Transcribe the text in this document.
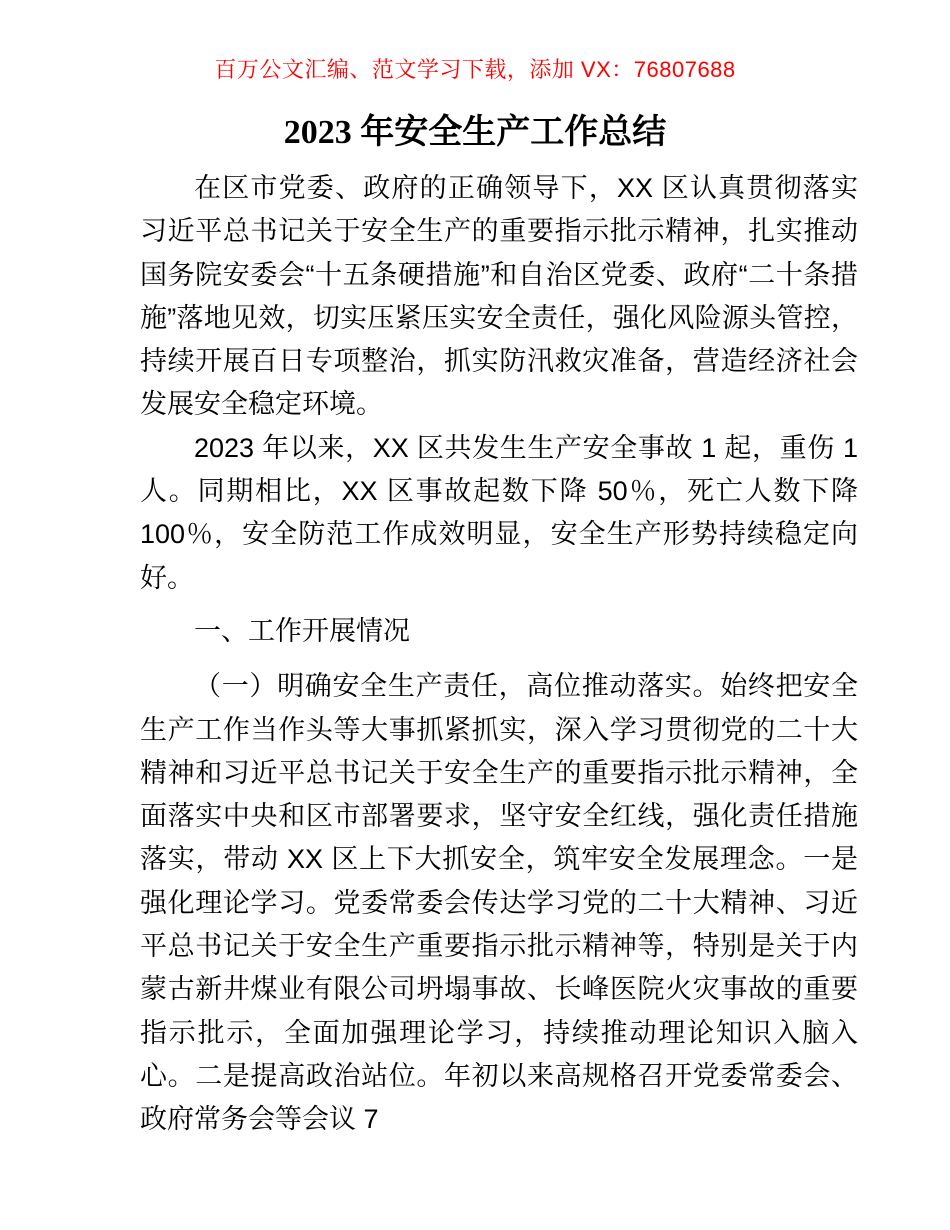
百万公文汇编、范文学习下载，添加 VX：76807688
2023 年安全生产工作总结

在区市党委、政府的正确领导下，XX 区认真贯彻落实习近平总书记关于安全生产的重要指示批示精神，扎实推动国务院安委会“十五条硬措施”和自治区党委、政府“二十条措施”落地见效，切实压紧压实安全责任，强化风险源头管控，持续开展百日专项整治，抓实防汛救灾准备，营造经济社会发展安全稳定环境。

2023 年以来，XX 区共发生生产安全事故 1 起，重伤 1 人。同期相比，XX 区事故起数下降 50％，死亡人数下降 100％，安全防范工作成效明显，安全生产形势持续稳定向好。

一、工作开展情况

（一）明确安全生产责任，高位推动落实。始终把安全生产工作当作头等大事抓紧抓实，深入学习贯彻党的二十大精神和习近平总书记关于安全生产的重要指示批示精神，全面落实中央和区市部署要求，坚守安全红线，强化责任措施落实，带动 XX 区上下大抓安全，筑牢安全发展理念。一是强化理论学习。党委常委会传达学习党的二十大精神、习近平总书记关于安全生产重要指示批示精神等，特别是关于内蒙古新井煤业有限公司坍塌事故、长峰医院火灾事故的重要指示批示，全面加强理论学习，持续推动理论知识入脑入心。二是提高政治站位。年初以来高规格召开党委常委会、政府常务会等会议 7
